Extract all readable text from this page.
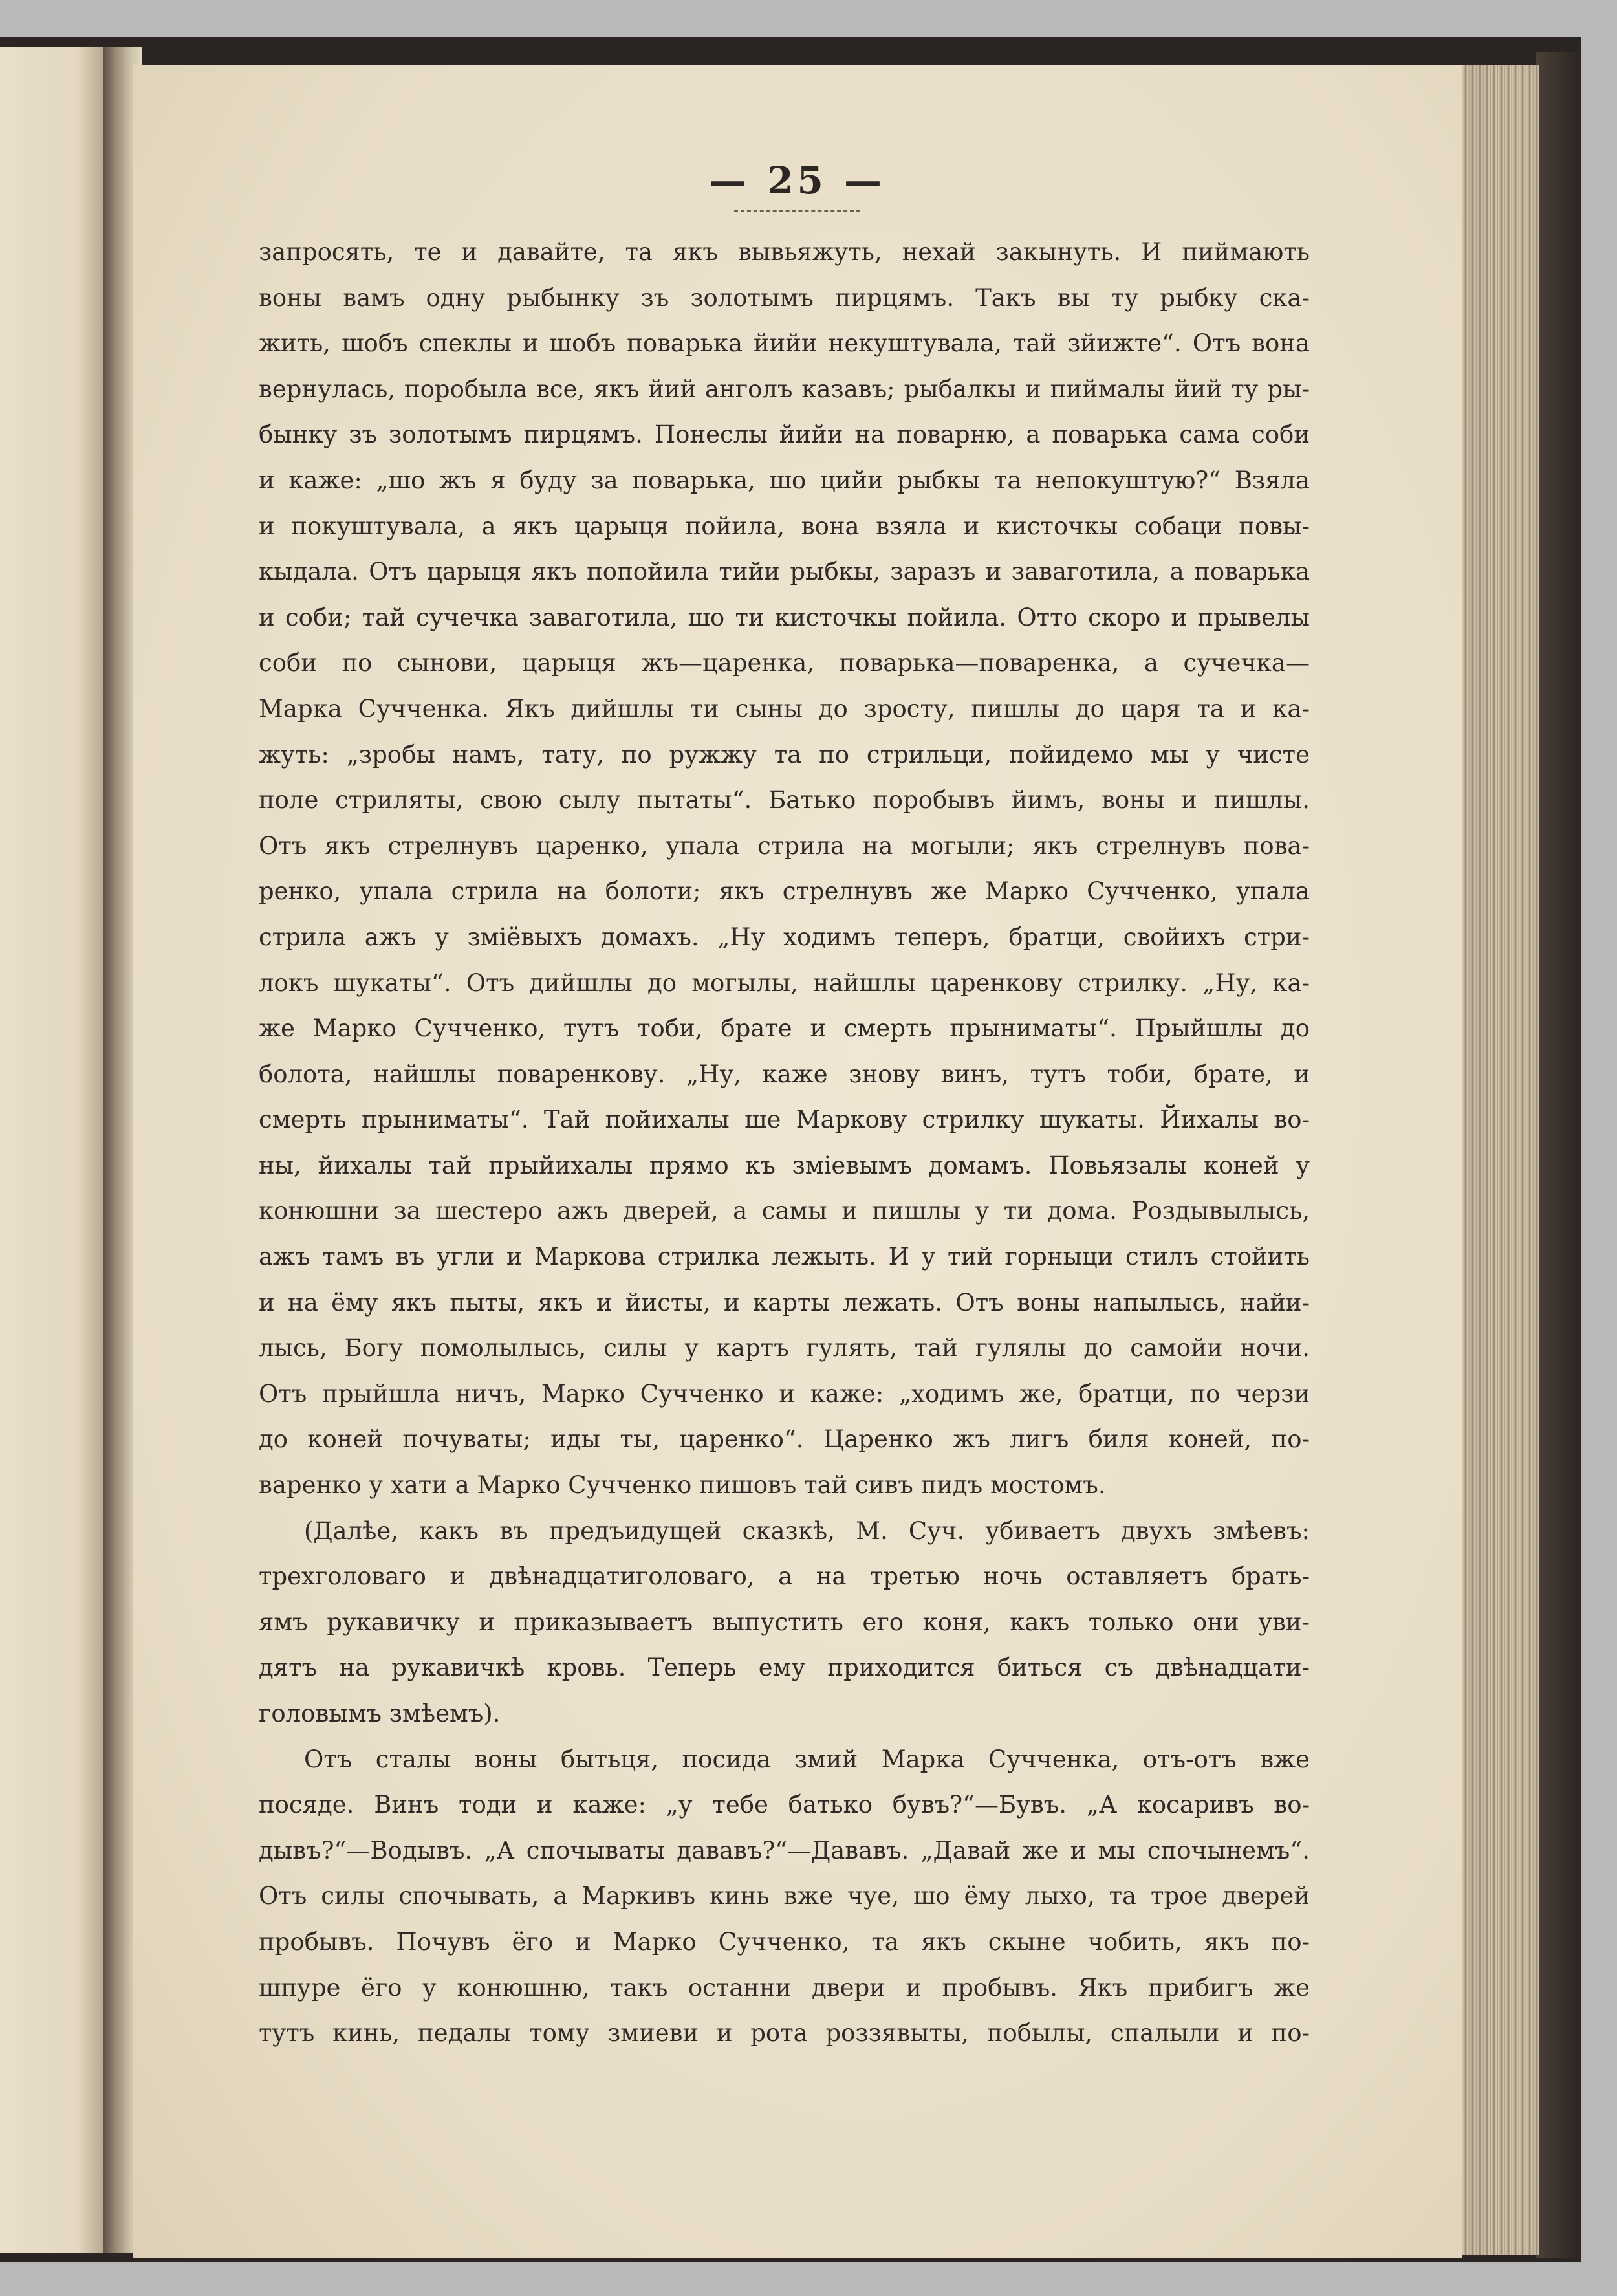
— 25 —
запросять, те и давайте, та якъ вывьяжуть, нехай закынуть. И пиймають
воны вамъ одну рыбынку зъ золотымъ пирцямъ. Такъ вы ту рыбку ска-
жить, шобъ спеклы и шобъ поварька йийи некуштувала, тай зйижте“. Отъ вона
вернулась, поробыла все, якъ йий анголъ казавъ; рыбалкы и пиймалы йий ту ры-
бынку зъ золотымъ пирцямъ. Понеслы йийи на поварню, а поварька сама соби
и каже: „шо жъ я буду за поварька, шо цийи рыбкы та непокуштую?“ Взяла
и покуштувала, а якъ царыця пойила, вона взяла и кисточкы собаци повы-
кыдала. Отъ царыця якъ попойила тийи рыбкы, заразъ и заваготила, а поварька
и соби; тай сучечка заваготила, шо ти кисточкы пойила. Отто скоро и прывелы
соби по сынови, царыця жъ—царенка, поварька—поваренка, а сучечка—
Марка Сучченка. Якъ дийшлы ти сыны до зросту, пишлы до царя та и ка-
жуть: „зробы намъ, тату, по ружжу та по стрильци, пойидемо мы у чисте
поле стриляты, свою сылу пытаты“. Батько поробывъ йимъ, воны и пишлы.
Отъ якъ стрелнувъ царенко, упала стрила на могыли; якъ стрелнувъ пова-
ренко, упала стрила на болоти; якъ стрелнувъ же Марко Сучченко, упала
стрила ажъ у змiёвыхъ домахъ. „Ну ходимъ теперъ, братци, свойихъ стри-
локъ шукаты“. Отъ дийшлы до могылы, найшлы царенкову стрилку. „Ну, ка-
же Марко Сучченко, тутъ тоби, брате и смерть прыниматы“. Прыйшлы до
болота, найшлы поваренкову. „Ну, каже знову винъ, тутъ тоби, брате, и
смерть прыниматы“. Тай пойихалы ше Маркову стрилку шукаты. Йихалы во-
ны, йихалы тай прыйихалы прямо къ змiевымъ домамъ. Повьязалы коней у
конюшни за шестеро ажъ дверей, а самы и пишлы у ти дома. Роздывылысь,
ажъ тамъ въ угли и Маркова стрилка лежыть. И у тий горныци стилъ стойить
и на ёму якъ пыты, якъ и йисты, и карты лежать. Отъ воны напылысь, найи-
лысь, Богу помолылысь, силы у картъ гулять, тай гулялы до самойи ночи.
Отъ прыйшла ничъ, Марко Сучченко и каже: „ходимъ же, братци, по черзи
до коней почуваты; иды ты, царенко“. Царенко жъ лигъ биля коней, по-
варенко у хати а Марко Сучченко пишовъ тай сивъ пидъ мостомъ.
(Далѣе, какъ въ предъидущей сказкѣ, М. Суч. убиваетъ двухъ змѣевъ:
трехголоваго и двѣнадцатиголоваго, а на третью ночь оставляетъ брать-
ямъ рукавичку и приказываетъ выпустить его коня, какъ только они уви-
дятъ на рукавичкѣ кровь. Теперь ему приходится биться съ двѣнадцати-
головымъ змѣемъ).
Отъ сталы воны бытьця, посида змий Марка Сучченка, отъ-отъ вже
посяде. Винъ тоди и каже: „у тебе батько бувъ?“—Бувъ. „А косаривъ во-
дывъ?“—Водывъ. „А спочываты дававъ?“—Дававъ. „Давай же и мы спочынемъ“.
Отъ силы спочывать, а Маркивъ кинь вже чуе, шо ёму лыхо, та трое дверей
пробывъ. Почувъ ёго и Марко Сучченко, та якъ скыне чобить, якъ по-
шпуре ёго у конюшню, такъ останни двери и пробывъ. Якъ прибигъ же
тутъ кинь, педалы тому змиеви и рота роззявыты, побылы, спалыли и по-
